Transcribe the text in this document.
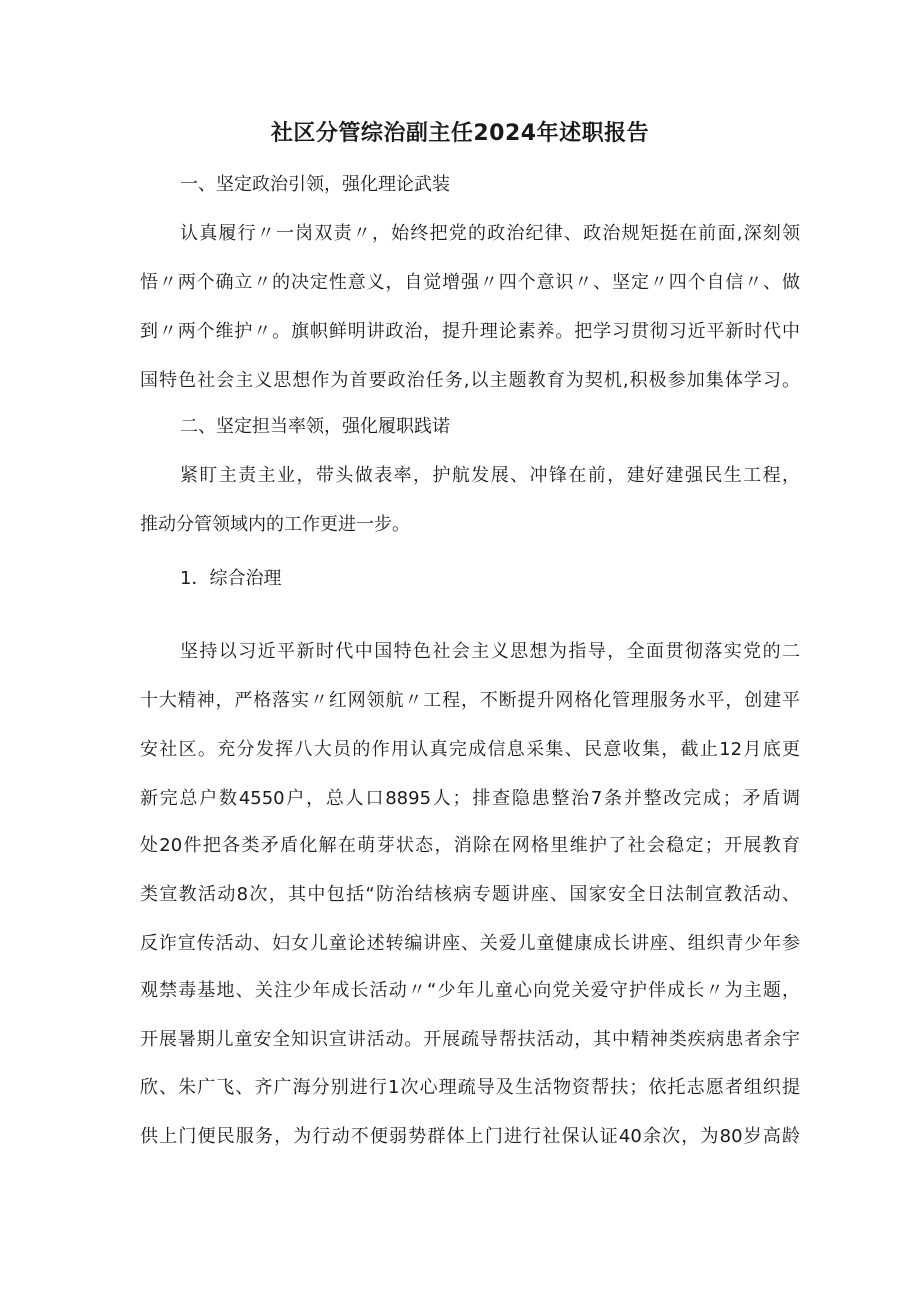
社区分管综治副主任2024年述职报告
一、坚定政治引领，强化理论武装
认真履行〃一岗双责〃，始终把党的政治纪律、政治规矩挺在前面,深刻领
悟〃两个确立〃的决定性意义，自觉增强〃四个意识〃、坚定〃四个自信〃、做
到〃两个维护〃。旗帜鲜明讲政治，提升理论素养。把学习贯彻习近平新时代中
国特色社会主义思想作为首要政治任务,以主题教育为契机,积极参加集体学习。
二、坚定担当率领，强化履职践诺
紧盯主责主业，带头做表率，护航发展、冲锋在前，建好建强民生工程，
推动分管领域内的工作更进一步。
1．综合治理
坚持以习近平新时代中国特色社会主义思想为指导，全面贯彻落实党的二
十大精神，严格落实〃红网领航〃工程，不断提升网格化管理服务水平，创建平
安社区。充分发挥八大员的作用认真完成信息采集、民意收集，截止12月底更
新完总户数4550户，总人口8895人；排查隐患整治7条并整改完成；矛盾调
处20件把各类矛盾化解在萌芽状态，消除在网格里维护了社会稳定；开展教育
类宣教活动8次，其中包括“防治结核病专题讲座、国家安全日法制宣教活动、
反诈宣传活动、妇女儿童论述转编讲座、关爱儿童健康成长讲座、组织青少年参
观禁毒基地、关注少年成长活动〃“少年儿童心向党关爱守护伴成长〃为主题，
开展暑期儿童安全知识宣讲活动。开展疏导帮扶活动，其中精神类疾病患者余宇
欣、朱广飞、齐广海分别进行1次心理疏导及生活物资帮扶；依托志愿者组织提
供上门便民服务，为行动不便弱势群体上门进行社保认证40余次，为80岁高龄
